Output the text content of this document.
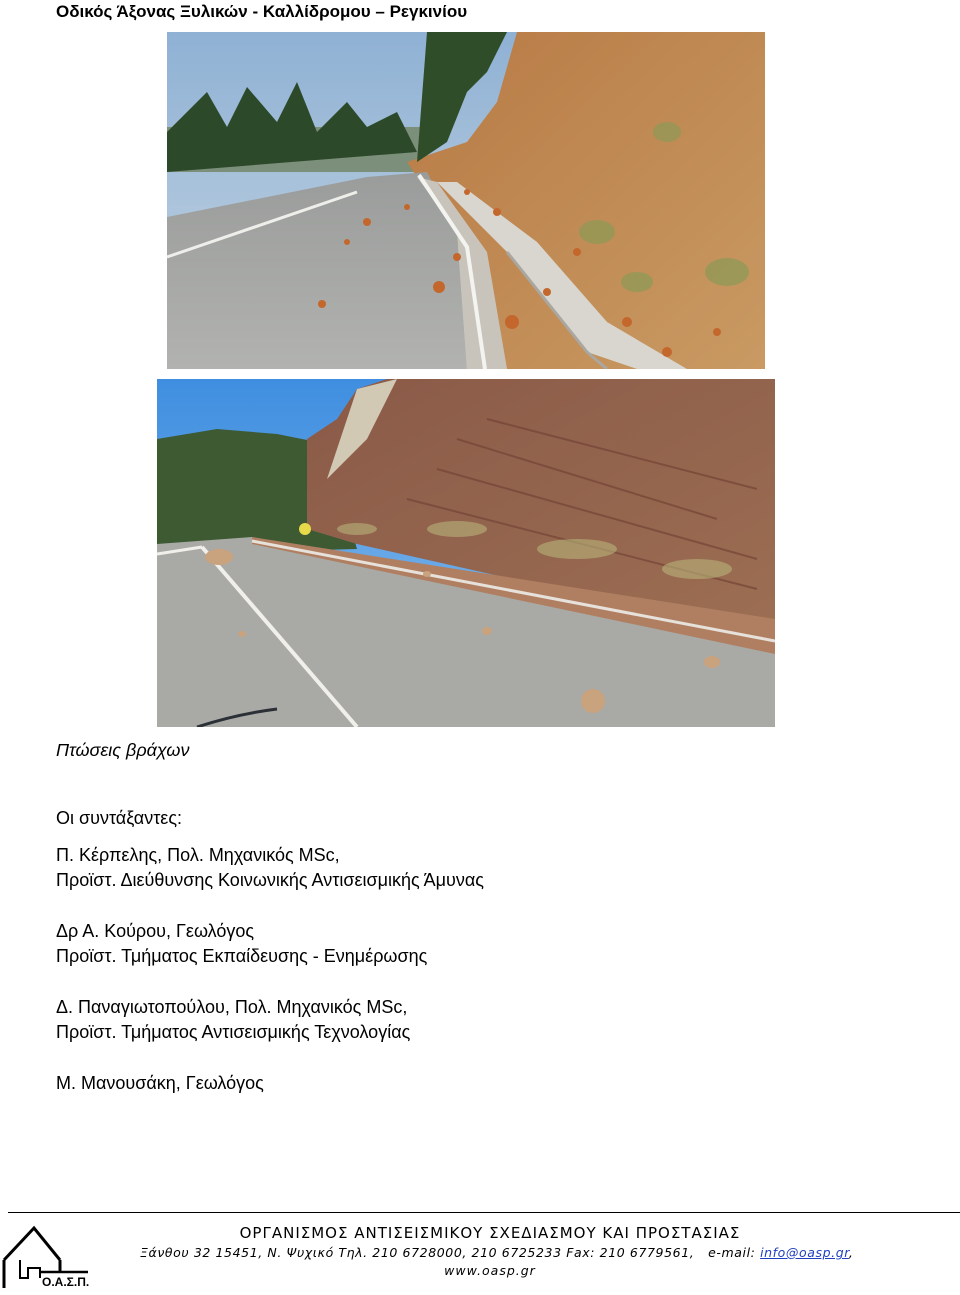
Οδικός Άξονας Ξυλικών - Καλλίδρομου – Ρεγκινίου
Πτώσεις βράχων
Οι συντάξαντες:
Π. Κέρπελης, Πολ. Μηχανικός MSc,
Προϊστ. Διεύθυνσης Κοινωνικής Αντισεισμικής Άμυνας
Δρ Α. Κούρου, Γεωλόγος
Προϊστ. Τμήματος Εκπαίδευσης - Ενημέρωσης
Δ. Παναγιωτοπούλου, Πολ. Μηχανικός MSc,
Προϊστ. Τμήματος Αντισεισμικής Τεχνολογίας
Μ. Μανουσάκη, Γεωλόγος
Ο.Α.Σ.Π.
ΟΡΓΑΝΙΣΜΟΣ ΑΝΤΙΣΕΙΣΜΙΚΟΥ ΣΧΕΔΙΑΣΜΟΥ ΚΑΙ ΠΡΟΣΤΑΣΙΑΣ
Ξάνθου 32 15451, Ν. Ψυχικό Τηλ. 210 6728000, 210 6725233 Fax: 210 6779561, e-mail: info@oasp.gr,
www.oasp.gr
